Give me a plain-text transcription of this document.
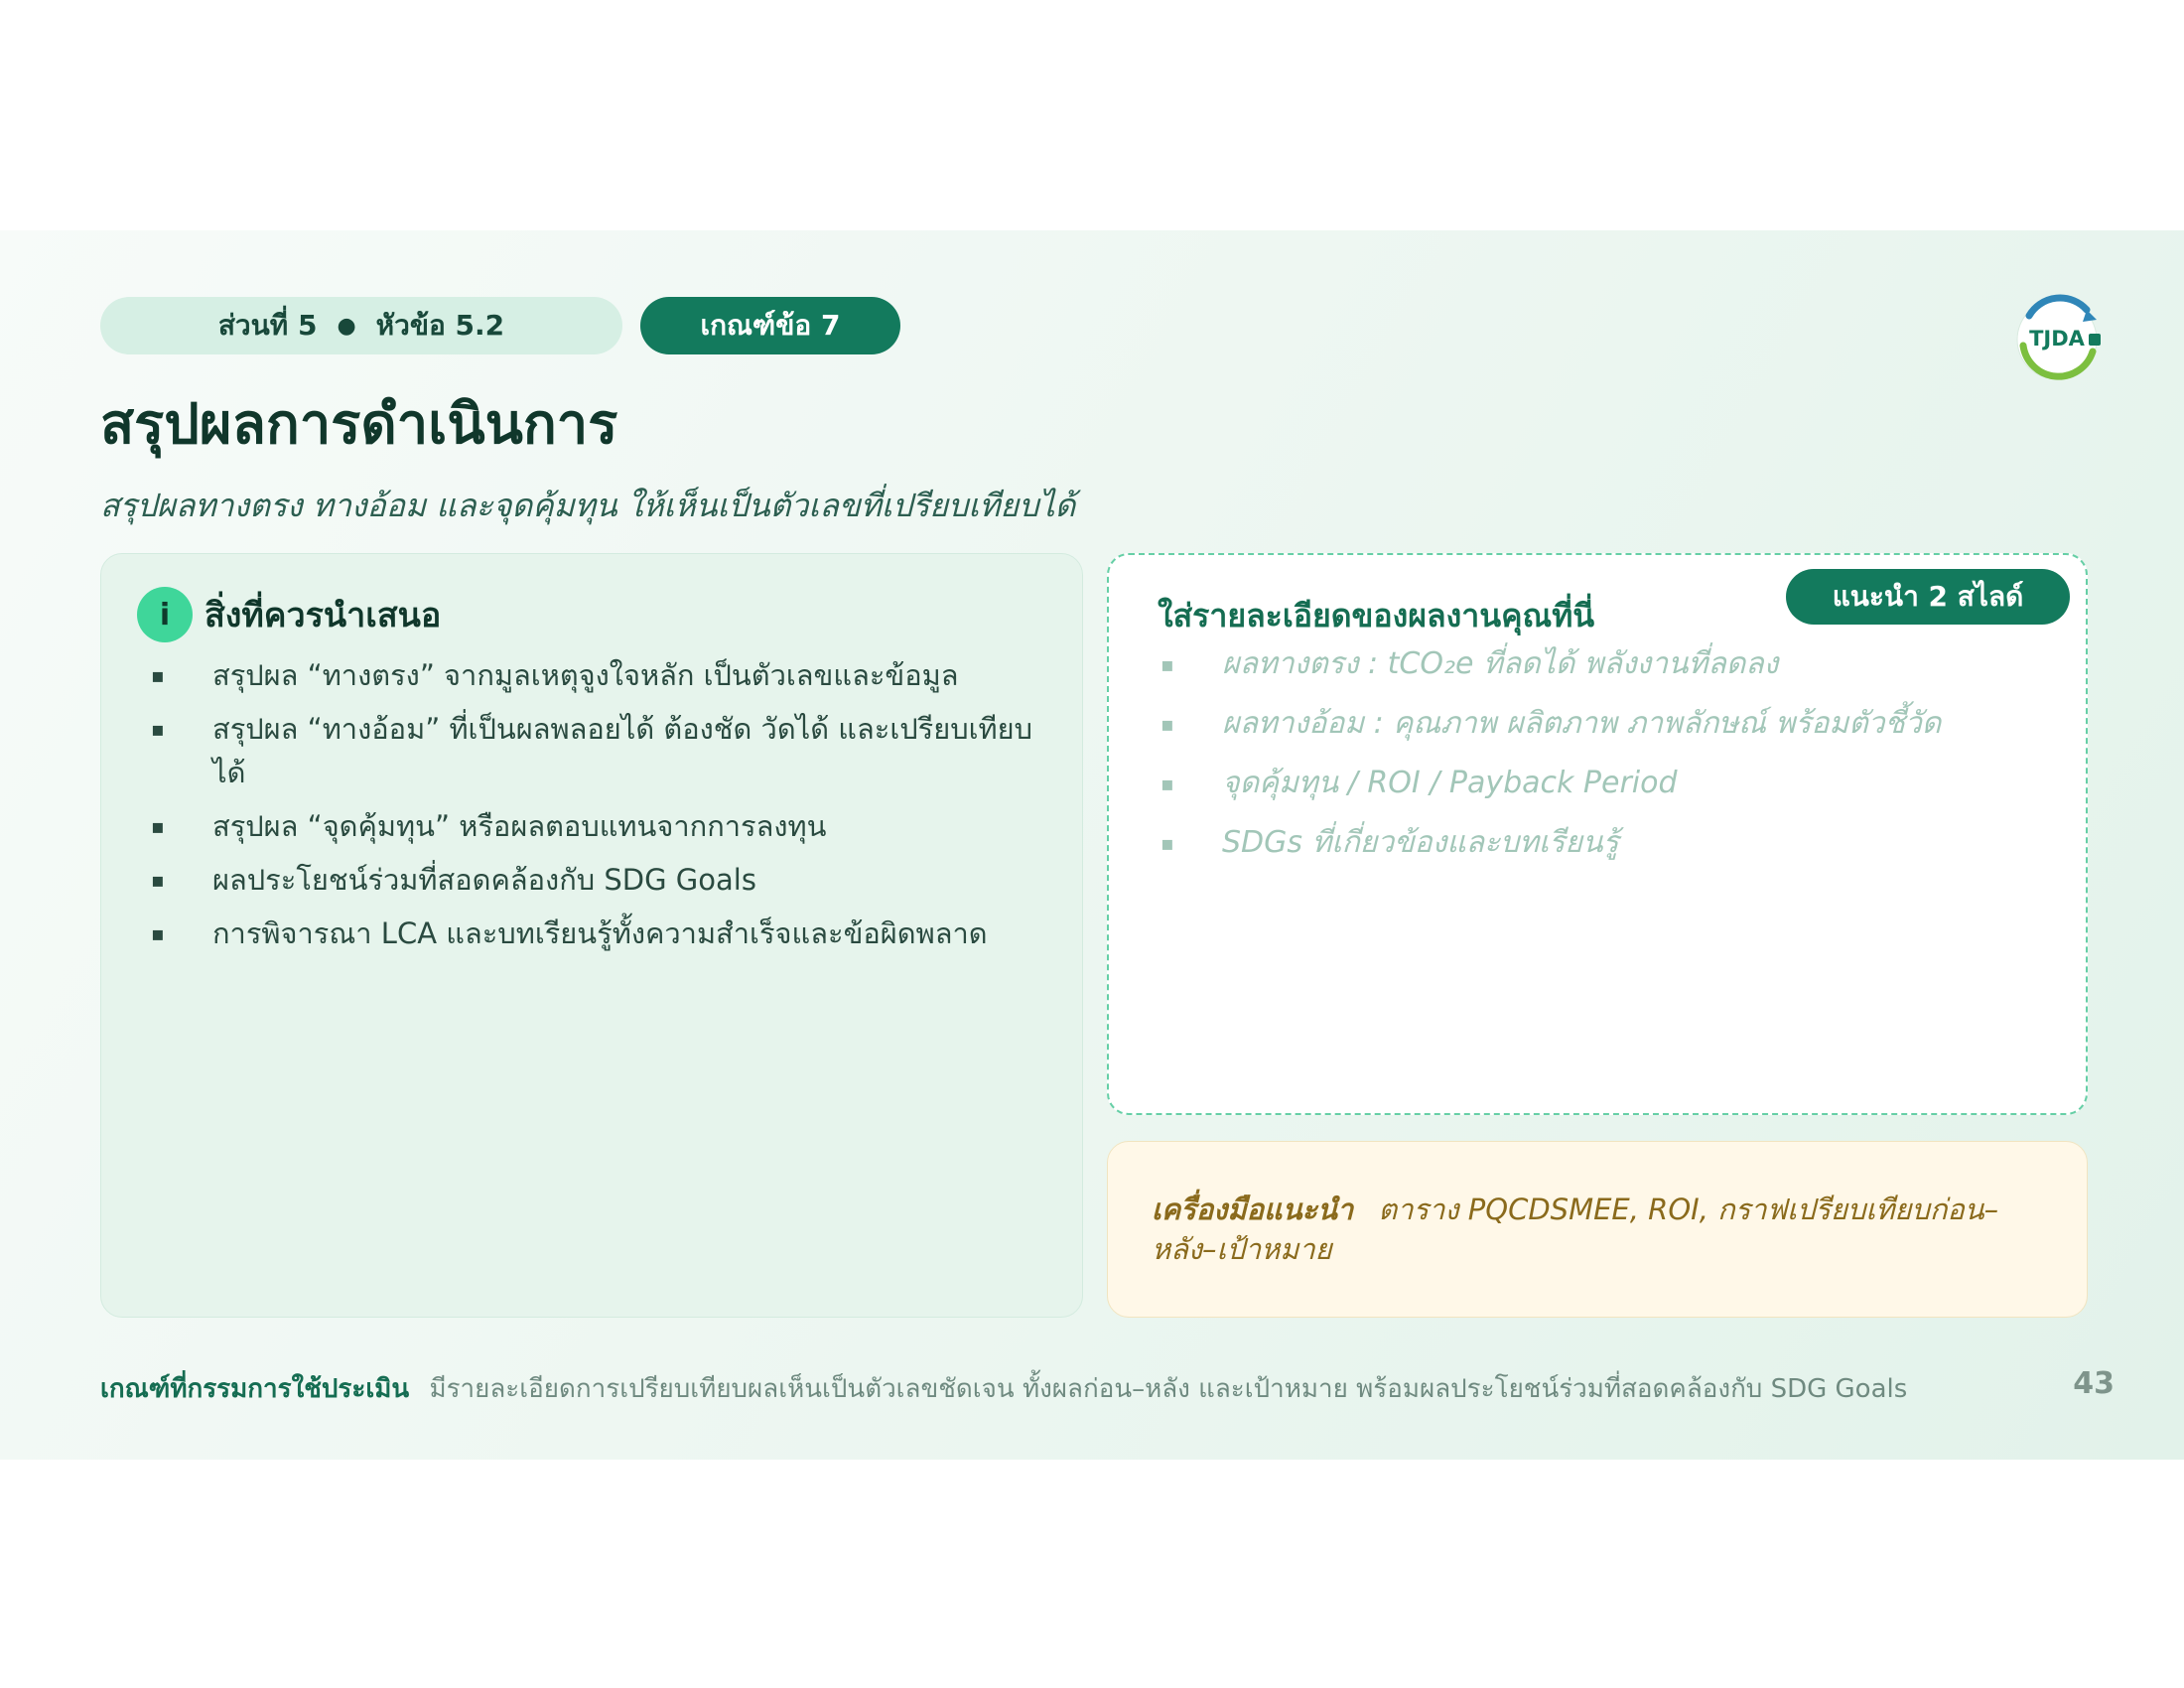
ส่วนที่ 5 ● หัวข้อ 5.2	เกณฑ์ข้อ 7	TJDA
สรุปผลการดำเนินการ

สรุปผลทางตรง ทางอ้อม และจุดคุ้มทุน ให้เห็นเป็นตัวเลขที่เปรียบเทียบได้

i	สิ่งที่ควรนำเสนอ
▪ สรุปผล “ทางตรง” จากมูลเหตุจูงใจหลัก เป็นตัวเลขและข้อมูล
▪ สรุปผล “ทางอ้อม” ที่เป็นผลพลอยได้ ต้องชัด วัดได้ และเปรียบเทียบได้
▪ สรุปผล “จุดคุ้มทุน” หรือผลตอบแทนจากการลงทุน
▪ ผลประโยชน์ร่วมที่สอดคล้องกับ SDG Goals
▪ การพิจารณา LCA และบทเรียนรู้ทั้งความสำเร็จและข้อผิดพลาด
ใส่รายละเอียดของผลงานคุณที่นี่
แนะนำ 2 สไลด์
▪ ผลทางตรง : tCO₂e ที่ลดได้ พลังงานที่ลดลง
▪ ผลทางอ้อม : คุณภาพ ผลิตภาพ ภาพลักษณ์ พร้อมตัวชี้วัด
▪ จุดคุ้มทุน / ROI / Payback Period
▪ SDGs ที่เกี่ยวข้องและบทเรียนรู้

เครื่องมือแนะนำ ตาราง PQCDSMEE, ROI, กราฟเปรียบเทียบก่อน–หลัง–เป้าหมาย

เกณฑ์ที่กรรมการใช้ประเมิน มีรายละเอียดการเปรียบเทียบผลเห็นเป็นตัวเลขชัดเจน ทั้งผลก่อน–หลัง และเป้าหมาย พร้อมผลประโยชน์ร่วมที่สอดคล้องกับ SDG Goals	43
